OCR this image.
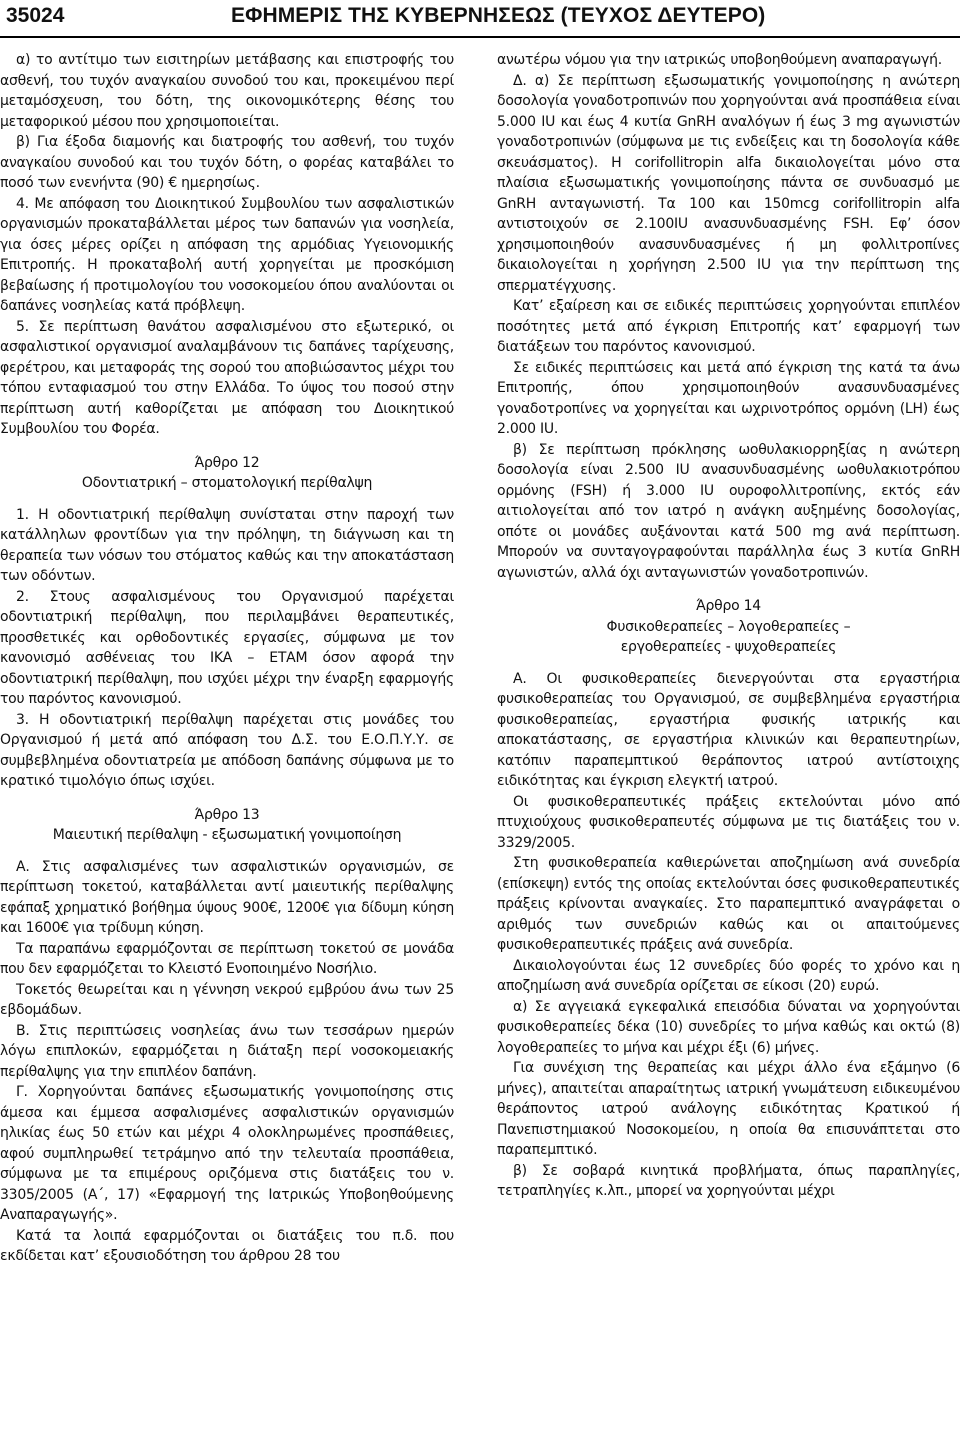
35024	ΕΦΗΜΕΡΙΣ ΤΗΣ ΚΥΒΕΡΝΗΣΕΩΣ (ΤΕΥΧΟΣ ΔΕΥΤΕΡΟ)

α) το αντίτιμο των εισιτηρίων μετάβασης και επιστροφής του ασθενή, του τυχόν αναγκαίου συνοδού του και, προκειμένου περί μεταμόσχευση, του δότη, της οικονομικότερης θέσης του μεταφορικού μέσου που χρησιμοποιείται.

β) Για έξοδα διαμονής και διατροφής του ασθενή, του τυχόν αναγκαίου συνοδού και του τυχόν δότη, ο φορέας καταβάλει το ποσό των ενενήντα (90) € ημερησίως.

4. Με απόφαση του Διοικητικού Συμβουλίου των ασφαλιστικών οργανισμών προκαταβάλλεται μέρος των δαπανών για νοσηλεία, για όσες μέρες ορίζει η απόφαση της αρμόδιας Υγειονομικής Επιτροπής. Η προκαταβολή αυτή χορηγείται με προσκόμιση βεβαίωσης ή προτιμολογίου του νοσοκομείου όπου αναλύονται οι δαπάνες νοσηλείας κατά πρόβλεψη.

5. Σε περίπτωση θανάτου ασφαλισμένου στο εξωτερικό, οι ασφαλιστικοί οργανισμοί αναλαμβάνουν τις δαπάνες ταρίχευσης, φερέτρου, και μεταφοράς της σορού του αποβιώσαντος μέχρι του τόπου ενταφιασμού του στην Ελλάδα. Το ύψος του ποσού στην περίπτωση αυτή καθορίζεται με απόφαση του Διοικητικού Συμβουλίου του Φορέα.

Άρθρο 12
Οδοντιατρική – στοματολογική περίθαλψη

1. Η οδοντιατρική περίθαλψη συνίσταται στην παροχή των κατάλληλων φροντίδων για την πρόληψη, τη διάγνωση και τη θεραπεία των νόσων του στόματος καθώς και την αποκατάσταση των οδόντων.

2. Στους ασφαλισμένους του Οργανισμού παρέχεται οδοντιατρική περίθαλψη, που περιλαμβάνει θεραπευτικές, προσθετικές και ορθοδοντικές εργασίες, σύμφωνα με τον κανονισμό ασθένειας του ΙΚΑ – ΕΤΑΜ όσον αφορά την οδοντιατρική περίθαλψη, που ισχύει μέχρι την έναρξη εφαρμογής του παρόντος κανονισμού.

3. Η οδοντιατρική περίθαλψη παρέχεται στις μονάδες του Οργανισμού ή μετά από απόφαση του Δ.Σ. του Ε.Ο.Π.Υ.Υ. σε συμβεβλημένα οδοντιατρεία με απόδοση δαπάνης σύμφωνα με το κρατικό τιμολόγιο όπως ισχύει.

Άρθρο 13
Μαιευτική περίθαλψη - εξωσωματική γονιμοποίηση

Α. Στις ασφαλισμένες των ασφαλιστικών οργανισμών, σε περίπτωση τοκετού, καταβάλλεται αντί μαιευτικής περίθαλψης εφάπαξ χρηματικό βοήθημα ύψους 900€, 1200€ για δίδυμη κύηση και 1600€ για τρίδυμη κύηση.

Τα παραπάνω εφαρμόζονται σε περίπτωση τοκετού σε μονάδα που δεν εφαρμόζεται το Κλειστό Ενοποιημένο Νοσήλιο.

Τοκετός θεωρείται και η γέννηση νεκρού εμβρύου άνω των 25 εβδομάδων.

Β. Στις περιπτώσεις νοσηλείας άνω των τεσσάρων ημερών λόγω επιπλοκών, εφαρμόζεται η διάταξη περί νοσοκομειακής περίθαλψης για την επιπλέον δαπάνη.

Γ. Χορηγούνται δαπάνες εξωσωματικής γονιμοποίησης στις άμεσα και έμμεσα ασφαλισμένες ασφαλιστικών οργανισμών ηλικίας έως 50 ετών και μέχρι 4 ολοκληρωμένες προσπάθειες, αφού συμπληρωθεί τετράμηνο από την τελευταία προσπάθεια, σύμφωνα με τα επιμέρους οριζόμενα στις διατάξεις του ν. 3305/2005 (Α΄, 17) «Εφαρμογή της Ιατρικώς Υποβοηθούμενης Αναπαραγωγής».

Κατά τα λοιπά εφαρμόζονται οι διατάξεις του π.δ. που εκδίδεται κατ’ εξουσιοδότηση του άρθρου 28 του

ανωτέρω νόμου για την ιατρικώς υποβοηθούμενη αναπαραγωγή.

Δ. α) Σε περίπτωση εξωσωματικής γονιμοποίησης η ανώτερη δοσολογία γοναδοτροπινών που χορηγούνται ανά προσπάθεια είναι 5.000 IU και έως 4 κυτία GnRH αναλόγων ή έως 3 mg αγωνιστών γοναδοτροπινών (σύμφωνα με τις ενδείξεις και τη δοσολογία κάθε σκευάσματος). Η corifollitropin alfa δικαιολογείται μόνο στα πλαίσια εξωσωματικής γονιμοποίησης πάντα σε συνδυασμό με GnRH ανταγωνιστή. Τα 100 και 150mcg corifollitropin alfa αντιστοιχούν σε 2.100IU ανασυνδυασμένης FSH. Εφ’ όσον χρησιμοποιηθούν ανασυνδυασμένες ή μη φολλιτροπίνες δικαιολογείται η χορήγηση 2.500 IU για την περίπτωση της σπερματέγχυσης.

Κατ’ εξαίρεση και σε ειδικές περιπτώσεις χορηγούνται επιπλέον ποσότητες μετά από έγκριση Επιτροπής κατ’ εφαρμογή των διατάξεων του παρόντος κανονισμού.

Σε ειδικές περιπτώσεις και μετά από έγκριση της κατά τα άνω Επιτροπής, όπου χρησιμοποιηθούν ανασυνδυασμένες γοναδοτροπίνες να χορηγείται και ωχρινοτρόπος ορμόνη (LH) έως 2.000 IU.

β) Σε περίπτωση πρόκλησης ωοθυλακιορρηξίας η ανώτερη δοσολογία είναι 2.500 IU ανασυνδυασμένης ωοθυλακιοτρόπου ορμόνης (FSH) ή 3.000 IU ουροφολλιτροπίνης, εκτός εάν αιτιολογείται από τον ιατρό η ανάγκη αυξημένης δοσολογίας, οπότε οι μονάδες αυξάνονται κατά 500 mg ανά περίπτωση. Μπορούν να συνταγογραφούνται παράλληλα έως 3 κυτία GnRH αγωνιστών, αλλά όχι ανταγωνιστών γοναδοτροπινών.

Άρθρο 14
Φυσικοθεραπείες – λογοθεραπείες –
εργοθεραπείες - ψυχοθεραπείες

Α. Οι φυσικοθεραπείες διενεργούνται στα εργαστήρια φυσικοθεραπείας του Οργανισμού, σε συμβεβλημένα εργαστήρια φυσικοθεραπείας, εργαστήρια φυσικής ιατρικής και αποκατάστασης, σε εργαστήρια κλινικών και θεραπευτηρίων, κατόπιν παραπεμπτικού θεράποντος ιατρού αντίστοιχης ειδικότητας και έγκριση ελεγκτή ιατρού.

Οι φυσικοθεραπευτικές πράξεις εκτελούνται μόνο από πτυχιούχους φυσικοθεραπευτές σύμφωνα με τις διατάξεις του ν. 3329/2005.

Στη φυσικοθεραπεία καθιερώνεται αποζημίωση ανά συνεδρία (επίσκεψη) εντός της οποίας εκτελούνται όσες φυσικοθεραπευτικές πράξεις κρίνονται αναγκαίες. Στο παραπεμπτικό αναγράφεται ο αριθμός των συνεδριών καθώς και οι απαιτούμενες φυσικοθεραπευτικές πράξεις ανά συνεδρία.

Δικαιολογούνται έως 12 συνεδρίες δύο φορές το χρόνο και η αποζημίωση ανά συνεδρία ορίζεται σε είκοσι (20) ευρώ.

α) Σε αγγειακά εγκεφαλικά επεισόδια δύναται να χορηγούνται φυσικοθεραπείες δέκα (10) συνεδρίες το μήνα καθώς και οκτώ (8) λογοθεραπείες το μήνα και μέχρι έξι (6) μήνες.

Για συνέχιση της θεραπείας και μέχρι άλλο ένα εξάμηνο (6 μήνες), απαιτείται απαραίτητως ιατρική γνωμάτευση ειδικευμένου θεράποντος ιατρού ανάλογης ειδικότητας Κρατικού ή Πανεπιστημιακού Νοσοκομείου, η οποία θα επισυνάπτεται στο παραπεμπτικό.

β) Σε σοβαρά κινητικά προβλήματα, όπως παραπληγίες, τετραπληγίες κ.λπ., μπορεί να χορηγούνται μέχρι
